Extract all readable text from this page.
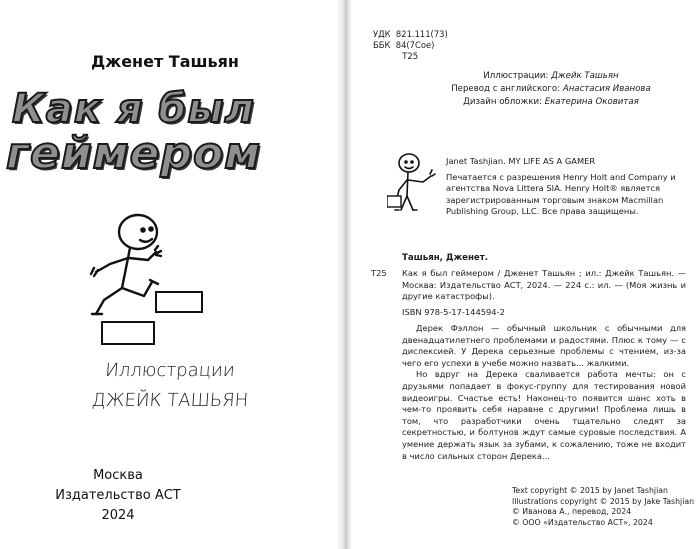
Дженет Ташьян
Как я был
геймером
Иллюстрации
ДЖЕЙК ТАШЬЯН
Москва
Издательство АСТ
2024
УДК  821.111(73)
ББК  84(7Сое)
Т25
Иллюстрации: Джейк Ташьян
Перевод с английского: Анастасия Иванова
Дизайн обложки: Екатерина Оковитая

Janet Tashjian. MY LIFE AS A GAMER

Печатается с разрешения Henry Holt and Company и агентства Nova Littera SIA. Henry Holt® является зарегистрированным торговым знаком Macmillan Publishing Group, LLC. Все права защищены.

Ташьян, Дженет.
Т25 Как я был геймером / Дженет Ташьян ; ил.: Джейк Ташьян. — Москва: Издательство АСТ, 2024. — 224 с.: ил. — (Моя жизнь и другие катастрофы).
ISBN 978-5-17-144594-2

Дерек Фэллон — обычный школьник с обычными для двенадцатилетнего проблемами и радостями. Плюс к тому — с дислексией. У Дерека серьезные проблемы с чтением, из-за чего его успехи в учебе можно назвать... жалкими.

Но вдруг на Дерека сваливается работа мечты: он с друзьями попадает в фокус-группу для тестирования новой видеоигры. Счастье есть! Наконец-то появится шанс хоть в чем-то проявить себя наравне с другими! Проблема лишь в том, что разработчики очень тщательно следят за секретностью, и болтунов ждут самые суровые последствия. А умение держать язык за зубами, к сожалению, тоже не входит в число сильных сторон Дерека...

Text copyright © 2015 by Janet Tashjian
Illustrations copyright © 2015 by Jake Tashjian
© Иванова А., перевод, 2024
© ООО «Издательство АСТ», 2024
